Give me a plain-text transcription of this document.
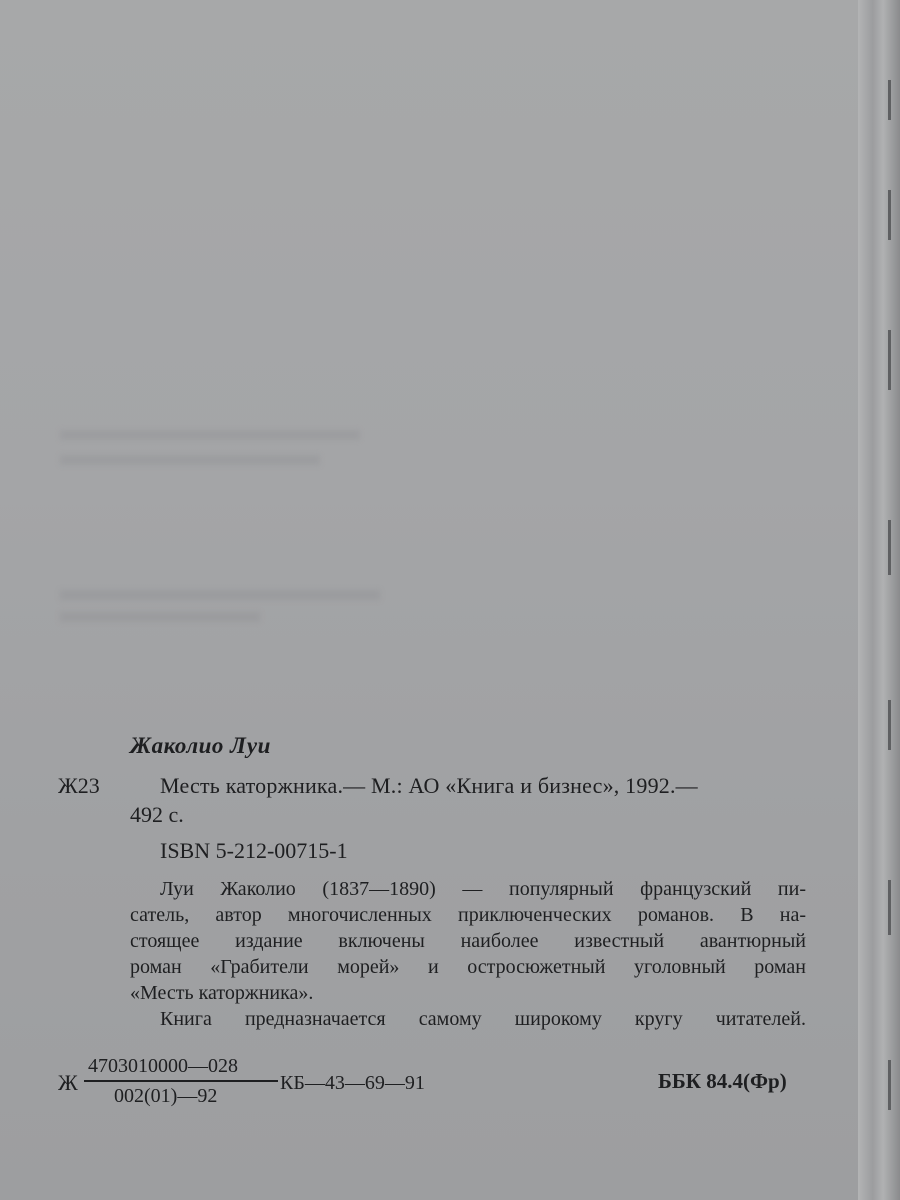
Жаколио Луи
Ж23	Месть каторжника.— М.: АО «Книга и бизнес», 1992.—
492 с.
ISBN 5-212-00715-1
Луи Жаколио (1837—1890) — популярный французский пи-
сатель, автор многочисленных приключенческих романов. В на-
стоящее издание включены наиболее известный авантюрный
роман «Грабители морей» и остросюжетный уголовный роман
«Месть каторжника».
Книга предназначается самому широкому кругу читателей.
Ж
4703010000—028
002(01)—92
КБ—43—69—91	ББК 84.4(Фр)
